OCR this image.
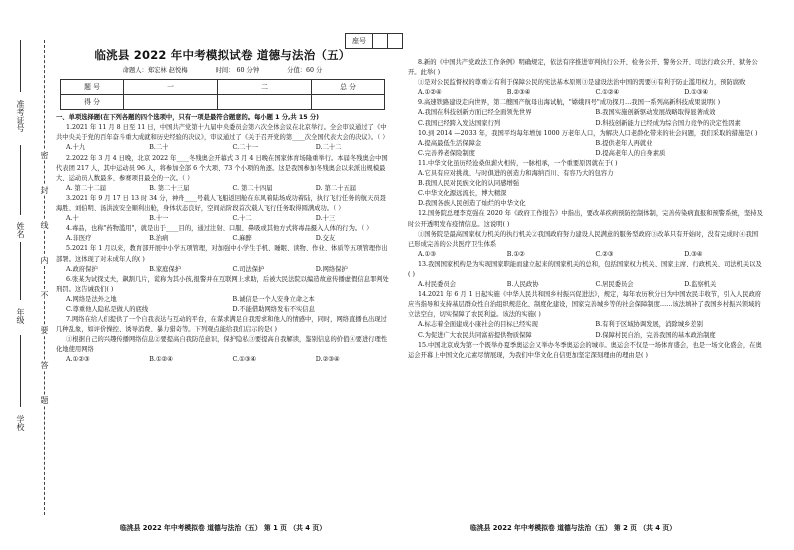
准考证号
姓名
年级
学校
密
封
线
内
不
要
答
题
座号
临洮县 2022 年中考模拟试卷 道德与法治（五）
命题人：郑宏林 赵悦梅	时间： 60 分钟	分值：60 分
题 号	一	二	总 分
得 分			
一、单项选择题(在下列各题的四个选项中，只有一项是最符合题意的。每小题 1 分,共 15 分)
1.2021 年 11 月 8 日至 11 日，中国共产党第十九届中央委员会第六次全体会议在北京举行。全会审议通过了《中共中央关于党的百年奋斗重大成就和历史经验的决议》，审议通过了《关于召开党的第____次全国代表大会的决议》。（ ）
A.十九	B.二十	C.二十一	D.二十二
2.2022 年 3 月 4 日晚，北京 2022 年____冬残奥会开幕式 3 月 4 日晚在国家体育场隆重举行。本届冬残奥会中国代表团 217 人，其中运动员 96 人，将参加全部 6 个大项、73 个小项的角逐。这是我国参加冬残奥会以来派出规模最大、运动员人数最多、参赛项目最全的一次。（ ）
A. 第二十二届	B. 第二十三届	C. 第二十四届	D. 第二十五届
3.2021 年 9 月 17 日 13 时 34 分，神舟____号载人飞船返回舱在东风着陆场成功着陆，执行飞行任务的航天员聂海胜、刘伯明、汤洪波安全顺利出舱，身体状态良好，空间站阶段首次载人飞行任务取得圆满成功。（ ）
A.十	B.十一	C.十二	D.十三
4.毒品，也称"药物滥用"，就是出于____目的，通过注射、口服、鼻吸或其他方式将毒品摄入人体的行为。（ ）
A.非医疗	B.治病	C.麻醉	D.交友
5.2021 年 1 月以来，教育部开展中小学五项管理，对加强中小学生手机、睡眠、读物、作业、体质等五项管理作出部署。这体现了对未成年人的( )
A.政府保护	B.家庭保护	C.司法保护	D.网络保护
6.张某为试探丈夫，飙割几片，谎称为其小孩,报警并在互联网上求助，后被大民法院以编造故意传播虚假信息罪判处刑罚。这告诫我们( )
A.网络是法外之地	B.诚信是一个人安身立命之本
C.尊重他人隐私是做人的底线	D.不能借助网络发布不实信息
7.网络在给人们提供了一个自我表达与互动的平台，在谋求满足自我需求和他人的情感中，同时，网络直播也出现过几种乱象，如评价操控、诱导消费、暴力猎奇等。下列观点能给我们启示的是( )
①根据自己的兴趣传播网络信息②要提高自我防范意识，保护隐私③要提高自我解读，鉴别信息的价值④要进行理性化地使用网络
A.①②③	B.①②④	C.①③④	D.②③④
8.新的《中国共产党政法工作条例》明确规定，依法有序推进审判执行公开、检务公开、警务公开、司法行政公开、狱务公开。此举( )
①是对公民监督权的尊重②有利于保障公民的宪法基本原则③是建设法治中国的需要④有利于防止滥用权力，预防腐败
A.①②④	B.②③④	C.①②④	D.①③④
9.高速铁路建设走向世界，第二艘国产航母出海试航，"嫦娥四号"成功探月…我国一系列高新科技成果说明( )
A.我国在科技创新方面已经全面领先世界	B.我国实施创新驱动发展战略取得显著成效
C.我国已经跨入发达国家行列	D.科技创新能力已经成为综合国力竞争的决定性因素
10.到 2014 —2033 年，我国平均每年增加 1000 万老年人口，为解决人口老龄化带来的社会问题，我们采取的措施是( )
A.提高最低生活保障金	B.提供老年人再就业
C.完善养老保险制度	D.提高老年人的自身素质
11.中华文化虽历经沧桑但薪火相传，一脉相承，一个重要原因就在于( )
A.它具有应对挑战、与时俱进的创造力和海纳百川、有容乃大的包容力
B.我国人民对民族文化的认同感增强
C.中华文化源远流长，博大精深
D.我国各族人民创造了灿烂的中华文化
12.国务院总理李克强在 2020 年《政府工作报告》中指出，要改革疾病预防控制体制，完善传染病直报和预警系统，坚持及时公开透明发布疫情信息。这说明( )
①国务院是最高国家权力机关的执行机关②我国政府努力建设人民满意的服务型政府③改革只有开始时，没有完成时④我国已形成完善的公共医疗卫生体系
A.①③	B.①②	C.②③	D.③④
13.我国国家机构是为实现国家职能而建立起来的国家机关的总和，包括国家权力机关、国家主席、行政机关、司法机关以及( )
A.村民委员会	B.人民政协	C.居民委员会	D.监察机关
14.2021 年 6 月 1 日起实施《中华人民共和国乡村振兴促进法》，规定，每年农历秋分日为中国农民丰收节，引入人民政府应当指导和支持基层群众性自治组织规范化、制度化建设，国家完善城乡等的社会保障制度……该法填补了我国乡村振兴领域的立法空白，切实保障了农民利益。该法的实施( )
A.标志着全面建成小康社会的目标已经实现	B.有利于区域协调发展，消除城乡差别
C.为促进广大农民共同富裕提供物质保障	D.保障村民自治，完善我国的基本政治制度
15.中国北京成为第一个既举办夏季奥运会又举办冬季奥运会的城市。奥运会不仅是一场体育盛会，也是一场文化盛会，在奥运会开幕上中国文化元素尽情展现，为我们中华文化自信更加坚定深刻理由的理由是( )
临洮县 2022 年中考模拟卷 道德与法治（五） 第 1 页 （共 4 页）	临洮县 2022 年中考模拟卷 道德与法治（五） 第 2 页 （共 4 页）
